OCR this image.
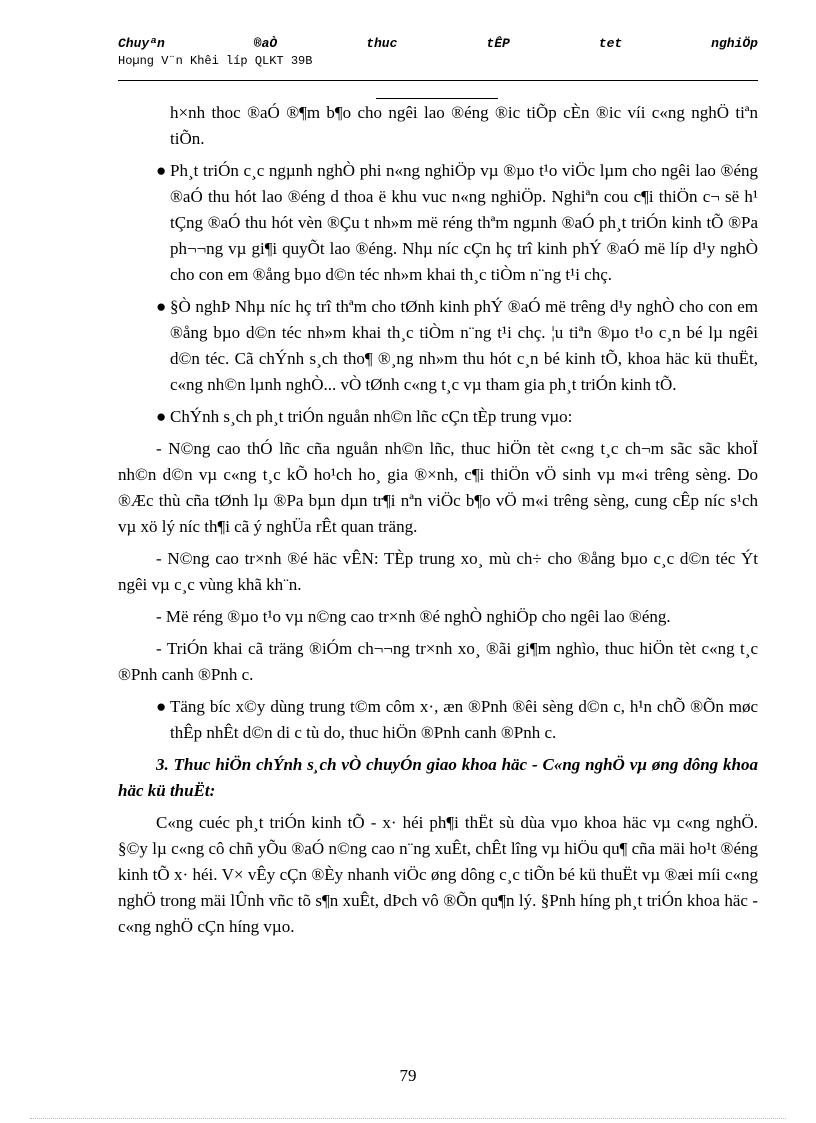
Chuyªn	®aÒ	thuc	tÊP	tet	nghiÖp
Hoµng V¨n Khêi líp QLKT 39B

h×nh thoc ®aÓ ®¶m b¶o cho ngêi lao ®éng ®ic tiÕp cÈn ®ic víi c«ng nghÖ tiªn tiÕn.

● Ph¸t triÓn c¸c ngµnh nghÒ phi n«ng nghiÖp vµ ®µo t¹o viÖc lµm cho ngêi lao ®éng ®aÓ thu hót lao ®éng d thoa ë khu vuc n«ng nghiÖp. Nghiªn cou c¶i thiÖn c¬ së h¹ tÇng ®aÓ thu hót vèn ®Çu t nh»m më réng thªm ngµnh ®aÓ ph¸t triÓn kinh tÕ ®Pa ph¬¬ng vµ gi¶i quyÕt lao ®éng. Nhµ níc cÇn hç trî kinh phÝ ®aÓ më líp d¹y nghÒ cho con em ®ång bµo d©n téc nh»m khai th¸c tiÒm n¨ng t¹i chç.

● §Ò nghÞ Nhµ níc hç trî thªm cho tØnh kinh phÝ ®aÓ më trêng d¹y nghÒ cho con em ®ång bµo d©n téc nh»m khai th¸c tiÒm n¨ng t¹i chç. ¦u tiªn ®µo t¹o c¸n bé lµ ngêi d©n téc. Cã chÝnh s¸ch tho¶ ®¸ng nh»m thu hót c¸n bé kinh tÕ, khoa häc kü thuËt, c«ng nh©n lµnh nghÒ... vÒ tØnh c«ng t¸c vµ tham gia ph¸t triÓn kinh tÕ.

● ChÝnh s¸ch ph¸t triÓn nguån nh©n lñc cÇn tÈp trung vµo:

- N©ng cao thÓ lñc cña nguån nh©n lñc, thuc hiÖn tèt c«ng t¸c ch¬m sãc sãc khoÏ nh©n d©n vµ c«ng t¸c kÕ ho¹ch ho¸ gia ®×nh, c¶i thiÖn vÖ sinh vµ m«i trêng sèng. Do ®Æc thù cña tØnh lµ ®Pa bµn dµn tr¶i nªn viÖc b¶o vÖ m«i trêng sèng, cung cÊp níc s¹ch vµ xö lý níc th¶i cã ý nghÜa rÊt quan träng.

- N©ng cao tr×nh ®é häc vÊN: TÈp trung xo¸ mù ch÷ cho ®ång bµo c¸c d©n téc Ýt ngêi vµ c¸c vùng khã kh¨n.

- Më réng ®µo t¹o vµ n©ng cao tr×nh ®é nghÒ nghiÖp cho ngêi lao ®éng.

- TriÓn khai cã träng ®iÓm ch¬¬ng tr×nh xo¸ ®ãi gi¶m nghìo, thuc hiÖn tèt c«ng t¸c ®Pnh canh ®Pnh c.

● Täng bíc x©y dùng trung t©m côm x·, æn ®Pnh ®êi sèng d©n c, h¹n chÕ ®Õn møc thÊp nhÊt d©n di c tù do, thuc hiÖn ®Pnh canh ®Pnh c.

3. Thuc hiÖn chÝnh s¸ch vÒ chuyÓn giao khoa häc - C«ng nghÖ vµ øng dông khoa häc kü thuËt:

C«ng cuéc ph¸t triÓn kinh tÕ - x· héi ph¶i thËt sù dùa vµo khoa häc vµ c«ng nghÖ. §©y lµ c«ng cô chñ yÕu ®aÓ n©ng cao n¨ng xuÊt, chÊt lîng vµ hiÖu qu¶ cña mäi ho¹t ®éng kinh tÕ x· héi. V× vÊy cÇn ®Èy nhanh viÖc øng dông c¸c tiÕn bé kü thuËt vµ ®æi míi c«ng nghÖ trong mäi lÛnh vñc tõ s¶n xuÊt, dÞch vô ®Õn qu¶n lý. §Pnh híng ph¸t triÓn khoa häc - c«ng nghÖ cÇn híng vµo.

79
